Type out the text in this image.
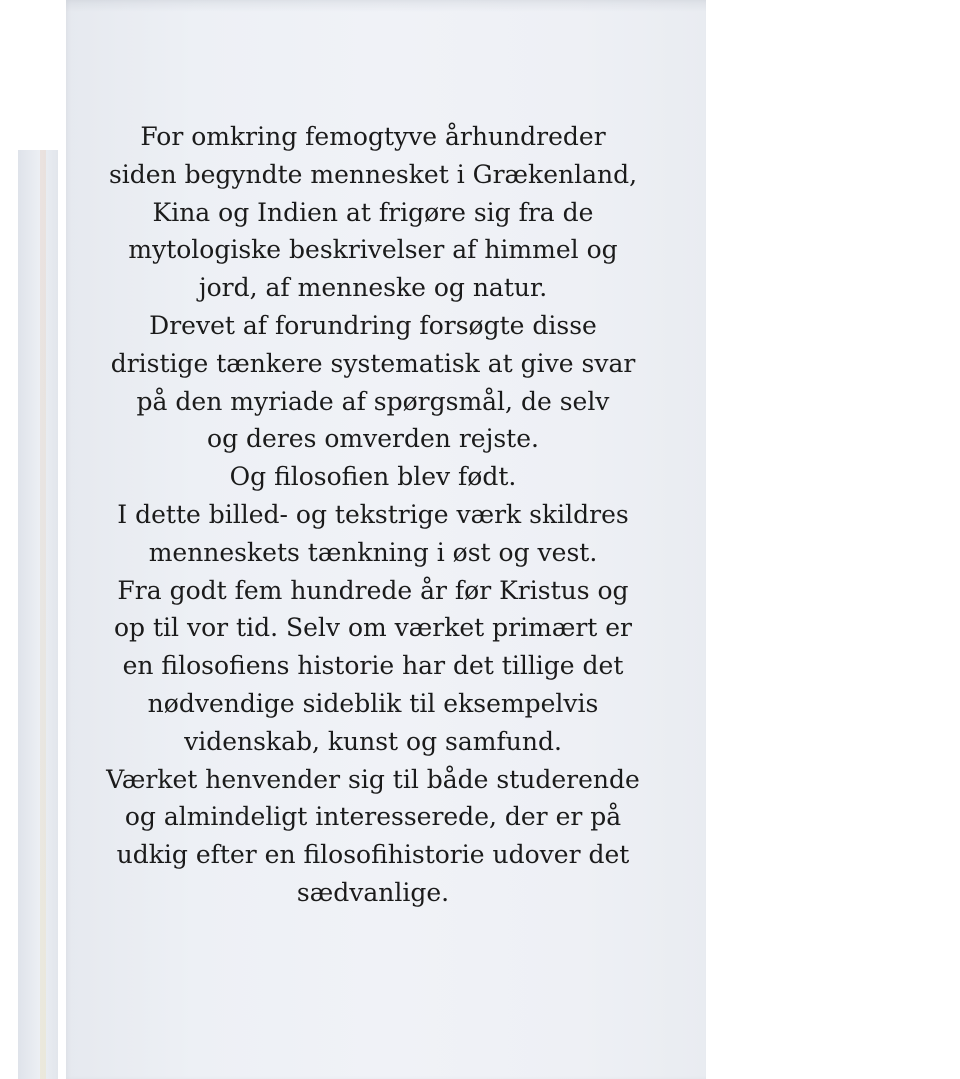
For omkring femogtyve århundreder
siden begyndte mennesket i Grækenland,
Kina og Indien at frigøre sig fra de
mytologiske beskrivelser af himmel og
jord, af menneske og natur.
Drevet af forundring forsøgte disse
dristige tænkere systematisk at give svar
på den myriade af spørgsmål, de selv
og deres omverden rejste.
Og filosofien blev født.
I dette billed- og tekstrige værk skildres
menneskets tænkning i øst og vest.
Fra godt fem hundrede år før Kristus og
op til vor tid. Selv om værket primært er
en filosofiens historie har det tillige det
nødvendige sideblik til eksempelvis
videnskab, kunst og samfund.
Værket henvender sig til både studerende
og almindeligt interesserede, der er på
udkig efter en filosofihistorie udover det
sædvanlige.
